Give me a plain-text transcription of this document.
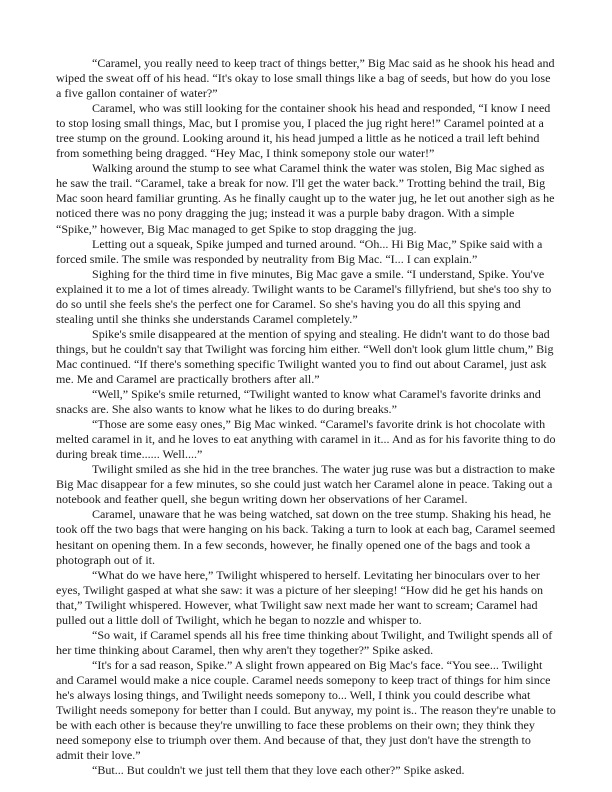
“Caramel, you really need to keep tract of things better,” Big Mac said as he shook his head and wiped the sweat off of his head. “It's okay to lose small things like a bag of seeds, but how do you lose a five gallon container of water?”

Caramel, who was still looking for the container shook his head and responded, “I know I need to stop losing small things, Mac, but I promise you, I placed the jug right here!” Caramel pointed at a tree stump on the ground. Looking around it, his head jumped a little as he noticed a trail left behind from something being dragged. “Hey Mac, I think somepony stole our water!”

Walking around the stump to see what Caramel think the water was stolen, Big Mac sighed as he saw the trail. “Caramel, take a break for now. I'll get the water back.” Trotting behind the trail, Big Mac soon heard familiar grunting. As he finally caught up to the water jug, he let out another sigh as he noticed there was no pony dragging the jug; instead it was a purple baby dragon. With a simple “Spike,” however, Big Mac managed to get Spike to stop dragging the jug.

Letting out a squeak, Spike jumped and turned around. “Oh... Hi Big Mac,” Spike said with a forced smile. The smile was responded by neutrality from Big Mac. “I... I can explain.”

Sighing for the third time in five minutes, Big Mac gave a smile. “I understand, Spike. You've explained it to me a lot of times already. Twilight wants to be Caramel's fillyfriend, but she's too shy to do so until she feels she's the perfect one for Caramel. So she's having you do all this spying and stealing until she thinks she understands Caramel completely.”

Spike's smile disappeared at the mention of spying and stealing. He didn't want to do those bad things, but he couldn't say that Twilight was forcing him either. “Well don't look glum little chum,” Big Mac continued. “If there's something specific Twilight wanted you to find out about Caramel, just ask me. Me and Caramel are practically brothers after all.”

“Well,” Spike's smile returned, “Twilight wanted to know what Caramel's favorite drinks and snacks are. She also wants to know what he likes to do during breaks.”

“Those are some easy ones,” Big Mac winked. “Caramel's favorite drink is hot chocolate with melted caramel in it, and he loves to eat anything with caramel in it... And as for his favorite thing to do during break time...... Well....”

Twilight smiled as she hid in the tree branches. The water jug ruse was but a distraction to make Big Mac disappear for a few minutes, so she could just watch her Caramel alone in peace. Taking out a notebook and feather quell, she begun writing down her observations of her Caramel.

Caramel, unaware that he was being watched, sat down on the tree stump. Shaking his head, he took off the two bags that were hanging on his back. Taking a turn to look at each bag, Caramel seemed hesitant on opening them. In a few seconds, however, he finally opened one of the bags and took a photograph out of it.

“What do we have here,” Twilight whispered to herself. Levitating her binoculars over to her eyes, Twilight gasped at what she saw: it was a picture of her sleeping! “How did he get his hands on that,” Twilight whispered. However, what Twilight saw next made her want to scream; Caramel had pulled out a little doll of Twilight, which he began to nozzle and whisper to.

“So wait, if Caramel spends all his free time thinking about Twilight, and Twilight spends all of her time thinking about Caramel, then why aren't they together?” Spike asked.

“It's for a sad reason, Spike.” A slight frown appeared on Big Mac's face. “You see... Twilight and Caramel would make a nice couple. Caramel needs somepony to keep tract of things for him since he's always losing things, and Twilight needs somepony to... Well, I think you could describe what Twilight needs somepony for better than I could. But anyway, my point is.. The reason they're unable to be with each other is because they're unwilling to face these problems on their own; they think they need somepony else to triumph over them. And because of that, they just don't have the strength to admit their love.”

“But... But couldn't we just tell them that they love each other?” Spike asked.
